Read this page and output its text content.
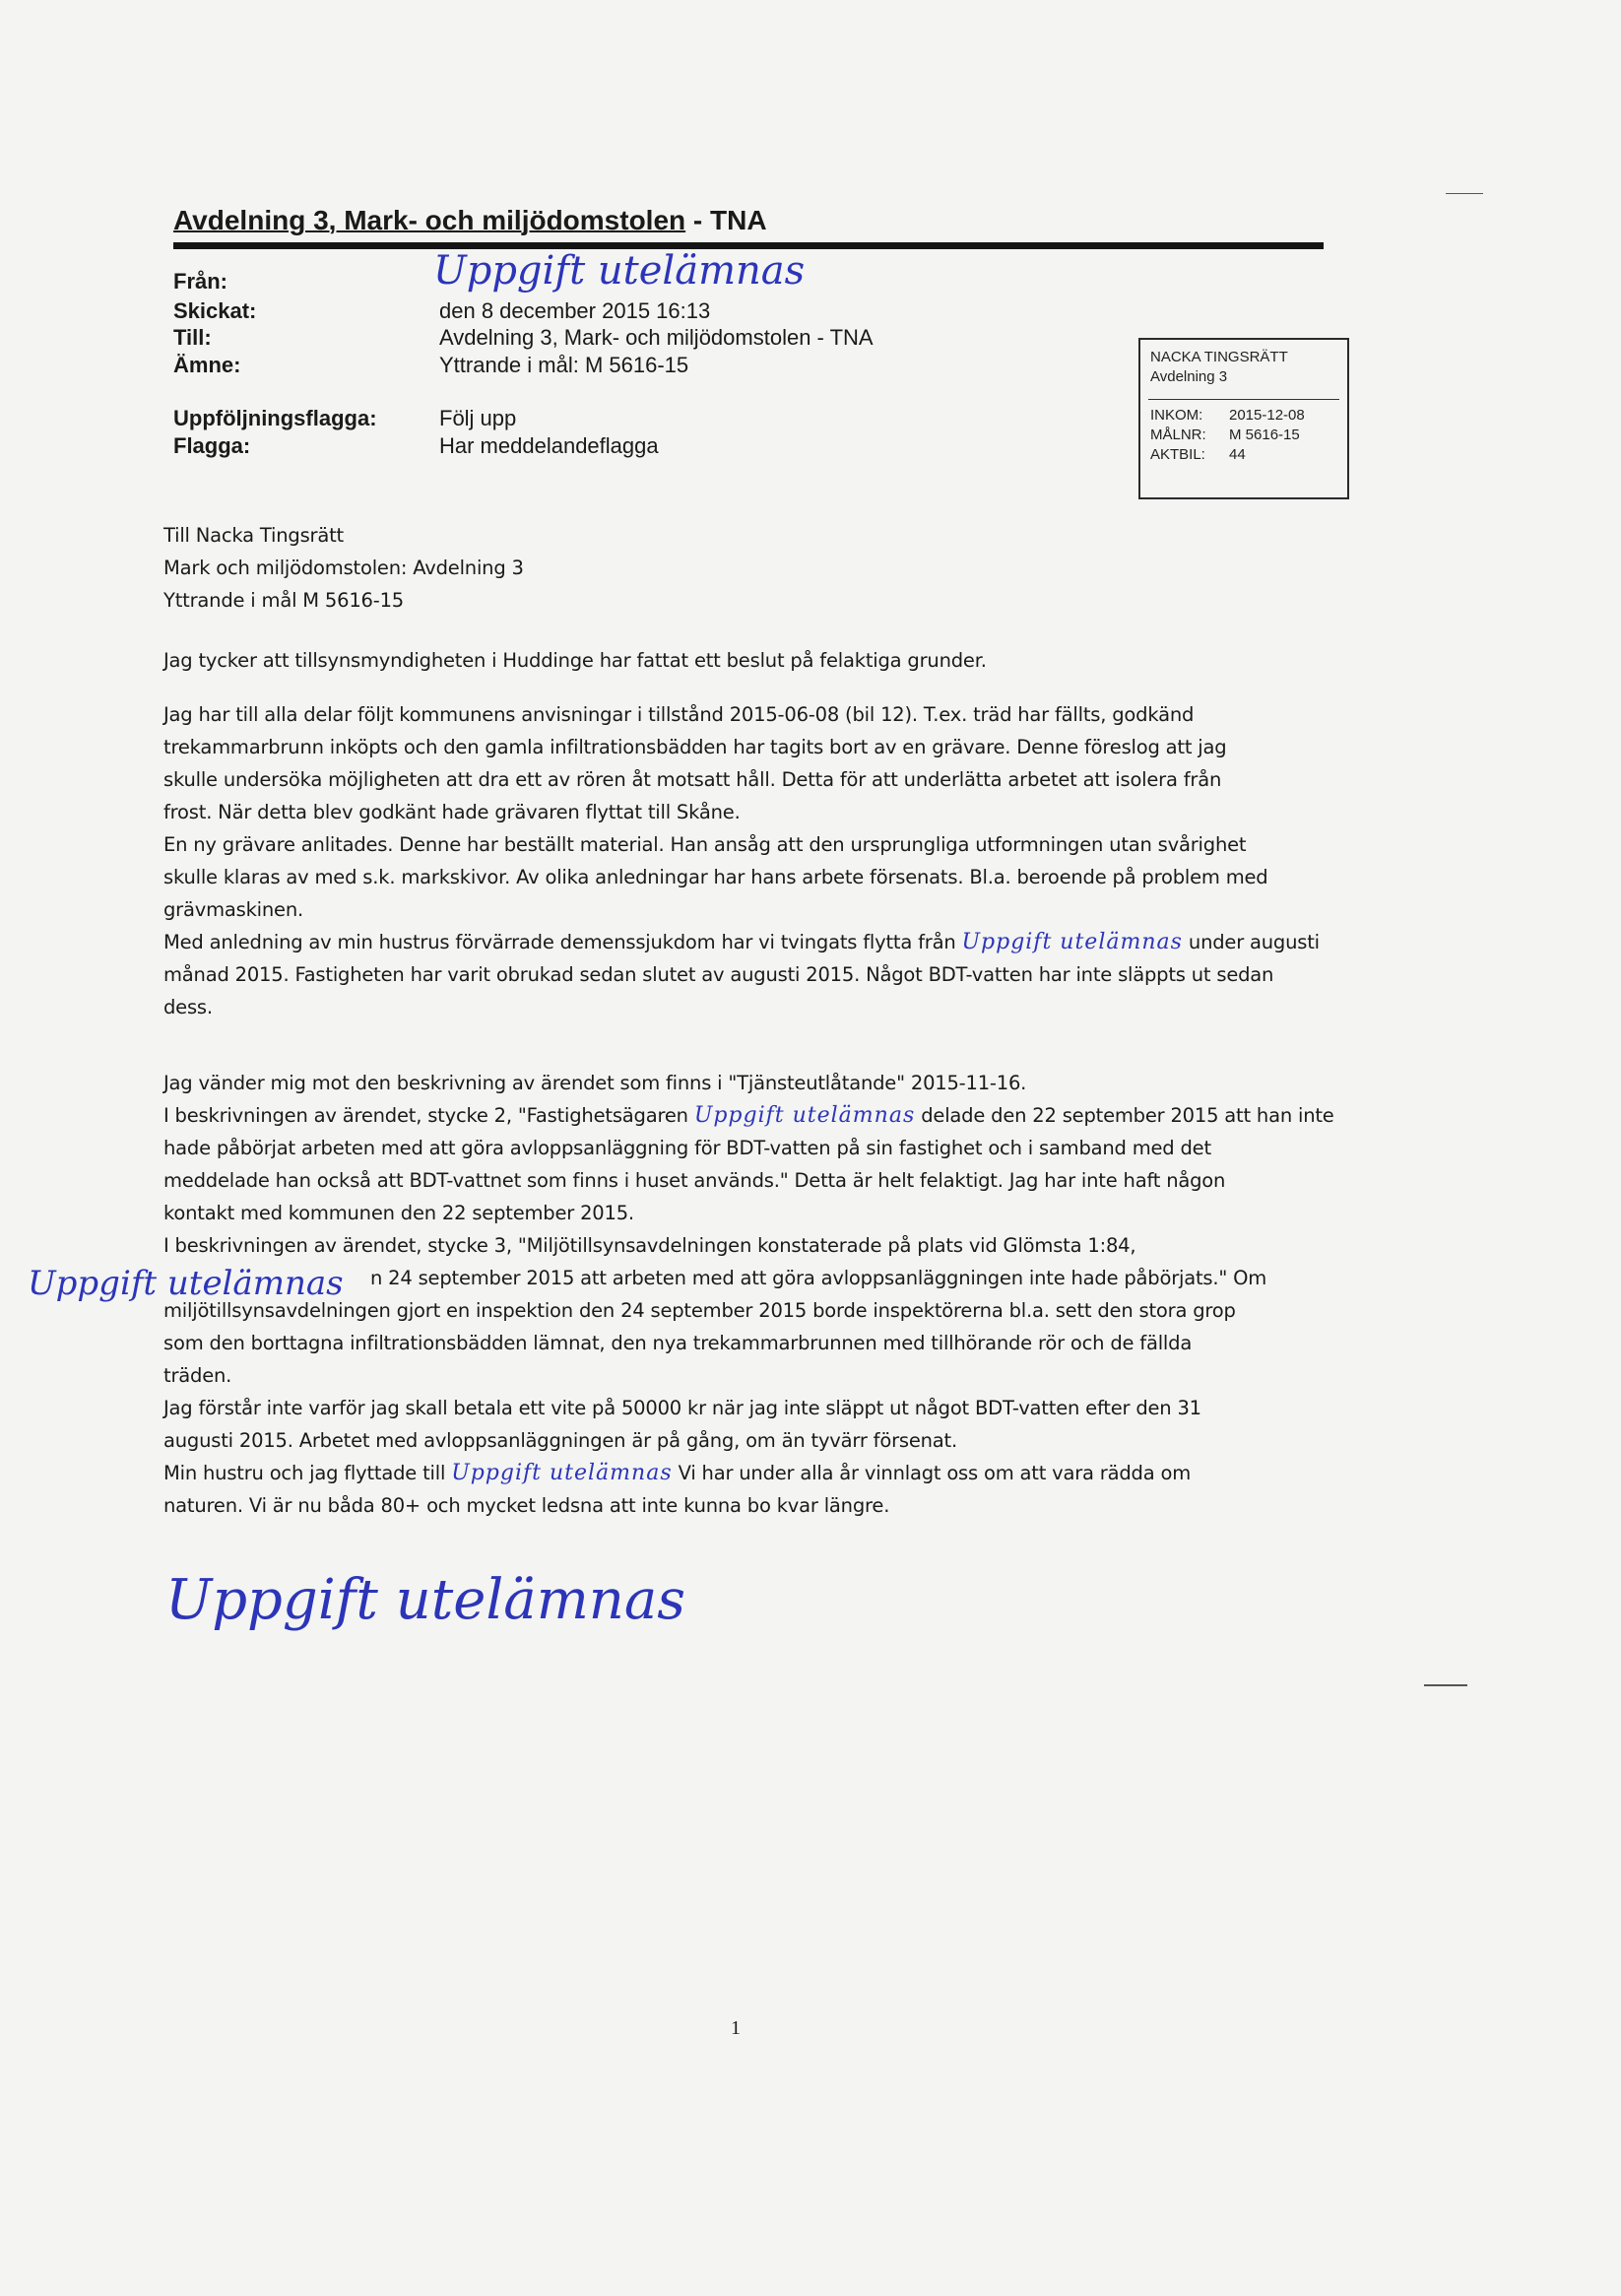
Avdelning 3, Mark- och miljödomstolen - TNA
Från:	Uppgift utelämnas
Skickat:	den 8 december 2015 16:13
Till:	Avdelning 3, Mark- och miljödomstolen - TNA
Ämne:	Yttrande i mål: M 5616-15
Uppföljningsflagga:	Följ upp
Flagga:	Har meddelandeflagga
NACKA TINGSRÄTT
Avdelning 3
INKOM:	2015-12-08
MÅLNR:	M 5616-15
AKTBIL:	44

Till Nacka Tingsrätt

Mark och miljödomstolen: Avdelning 3

Yttrande i mål M 5616-15

Jag tycker att tillsynsmyndigheten i Huddinge har fattat ett beslut på felaktiga grunder.

Jag har till alla delar följt kommunens anvisningar i tillstånd 2015-06-08 (bil 12). T.ex. träd har fällts, godkänd

trekammarbrunn inköpts och den gamla infiltrationsbädden har tagits bort av en grävare. Denne föreslog att jag

skulle undersöka möjligheten att dra ett av rören åt motsatt håll. Detta för att underlätta arbetet att isolera från

frost. När detta blev godkänt hade grävaren flyttat till Skåne.

En ny grävare anlitades. Denne har beställt material. Han ansåg att den ursprungliga utformningen utan svårighet

skulle klaras av med s.k. markskivor. Av olika anledningar har hans arbete försenats. Bl.a. beroende på problem med

grävmaskinen.

Med anledning av min hustrus förvärrade demenssjukdom har vi tvingats flytta från Uppgift utelämnas under augusti

månad 2015. Fastigheten har varit obrukad sedan slutet av augusti 2015. Något BDT-vatten har inte släppts ut sedan

dess.

Jag vänder mig mot den beskrivning av ärendet som finns i "Tjänsteutlåtande" 2015-11-16.

I beskrivningen av ärendet, stycke 2, "Fastighetsägaren Uppgift utelämnas delade den 22 september 2015 att han inte

hade påbörjat arbeten med att göra avloppsanläggning för BDT-vatten på sin fastighet och i samband med det

meddelade han också att BDT-vattnet som finns i huset används." Detta är helt felaktigt. Jag har inte haft någon

kontakt med kommunen den 22 september 2015.

I beskrivningen av ärendet, stycke 3, "Miljötillsynsavdelningen konstaterade på plats vid Glömsta 1:84,

n 24 september 2015 att arbeten med att göra avloppsanläggningen inte hade påbörjats." Om

miljötillsynsavdelningen gjort en inspektion den 24 september 2015 borde inspektörerna bl.a. sett den stora grop

som den borttagna infiltrationsbädden lämnat, den nya trekammarbrunnen med tillhörande rör och de fällda

träden.

Jag förstår inte varför jag skall betala ett vite på 50000 kr när jag inte släppt ut något BDT-vatten efter den 31

augusti 2015. Arbetet med avloppsanläggningen är på gång, om än tyvärr försenat.

Min hustru och jag flyttade till Uppgift utelämnas Vi har under alla år vinnlagt oss om att vara rädda om

naturen. Vi är nu båda 80+ och mycket ledsna att inte kunna bo kvar längre.

Uppgift utelämnas
Uppgift utelämnas
1
